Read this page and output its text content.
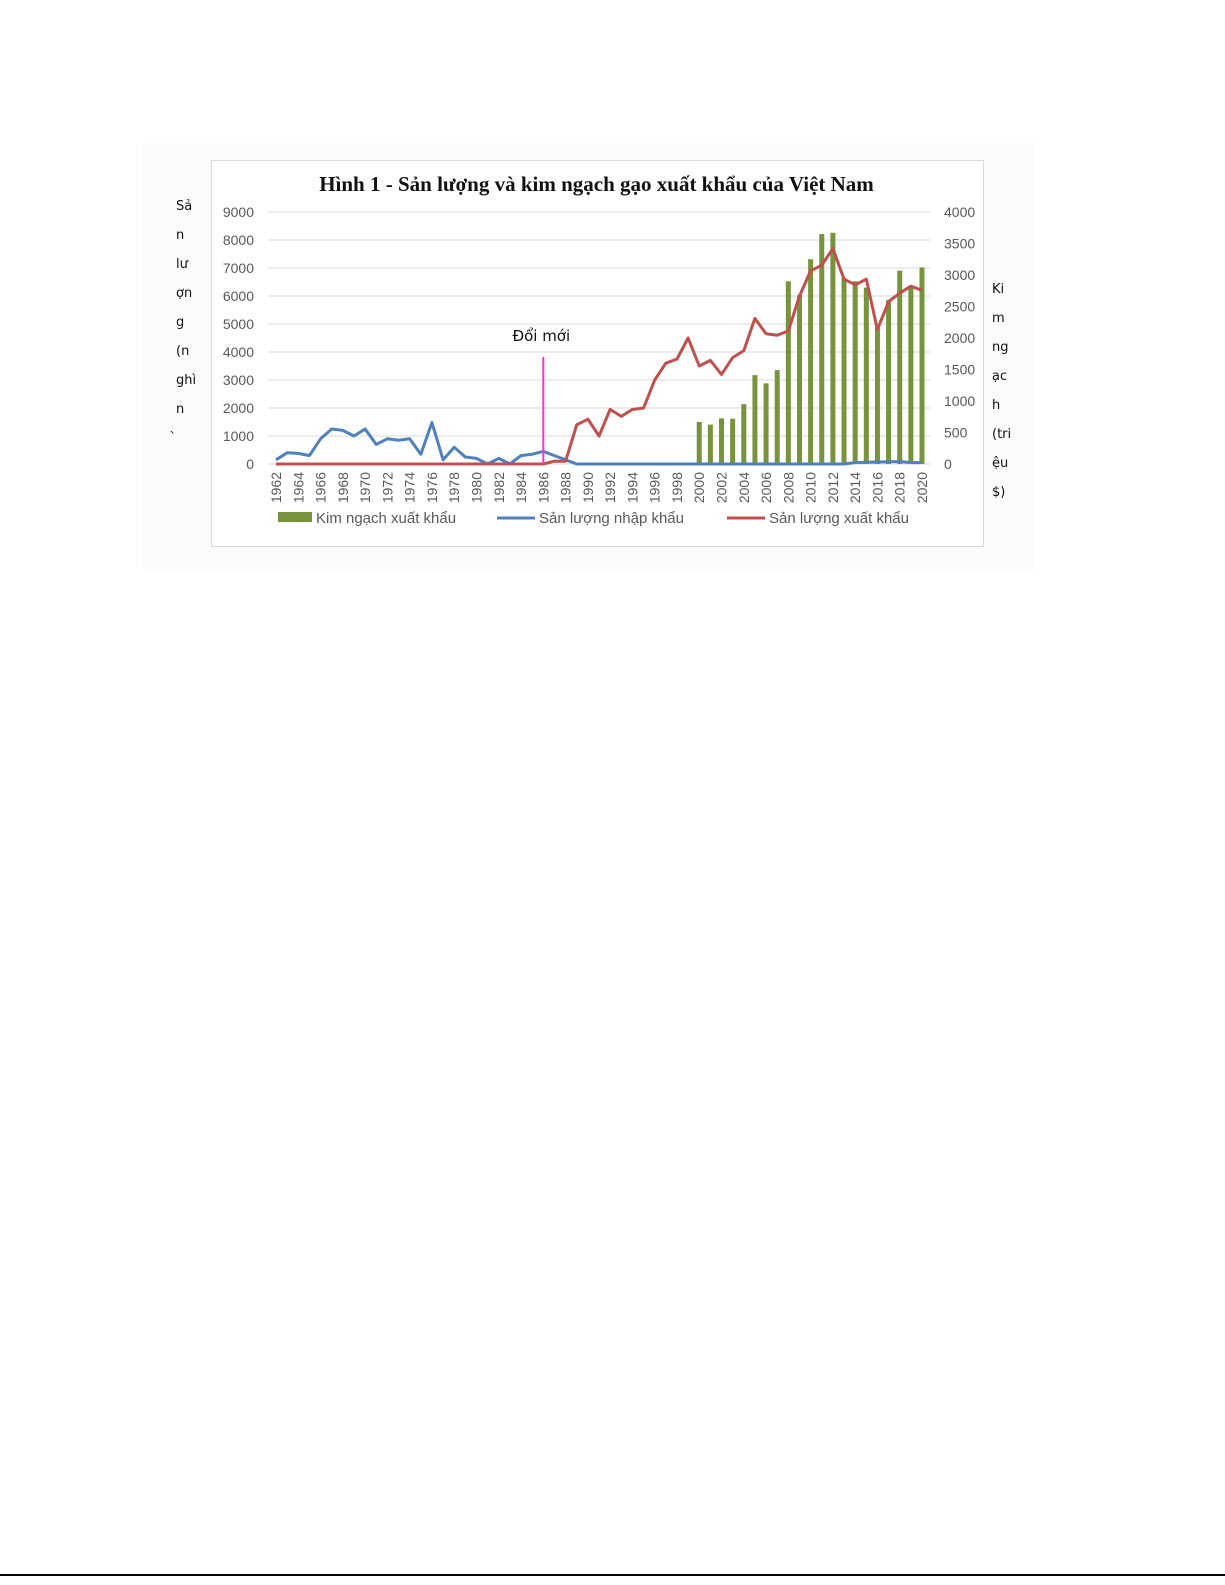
Hình 1 - Sản lượng và kim ngạch gạo xuất khẩu của Việt Nam
Sả
n
lư
ợn
g
(n
ghì
n

Ki
m
ng
ạc
h
(tri
ệu
$)
0
1000
2000
3000
4000
5000
6000
7000
8000
9000
0
500
1000
1500
2000
2500
3000
3500
4000
1962 1964 1966 1968 1970 1972 1974 1976 1978 1980 1982 1984 1986 1988 1990 1992 1994 1996 1998 2000 2002 2004 2006 2008 2010 2012 2014 2016 2018 2020
Đổi mới
Kim ngạch xuất khẩu	Sản lượng nhập khẩu	Sản lượng xuất khẩu
